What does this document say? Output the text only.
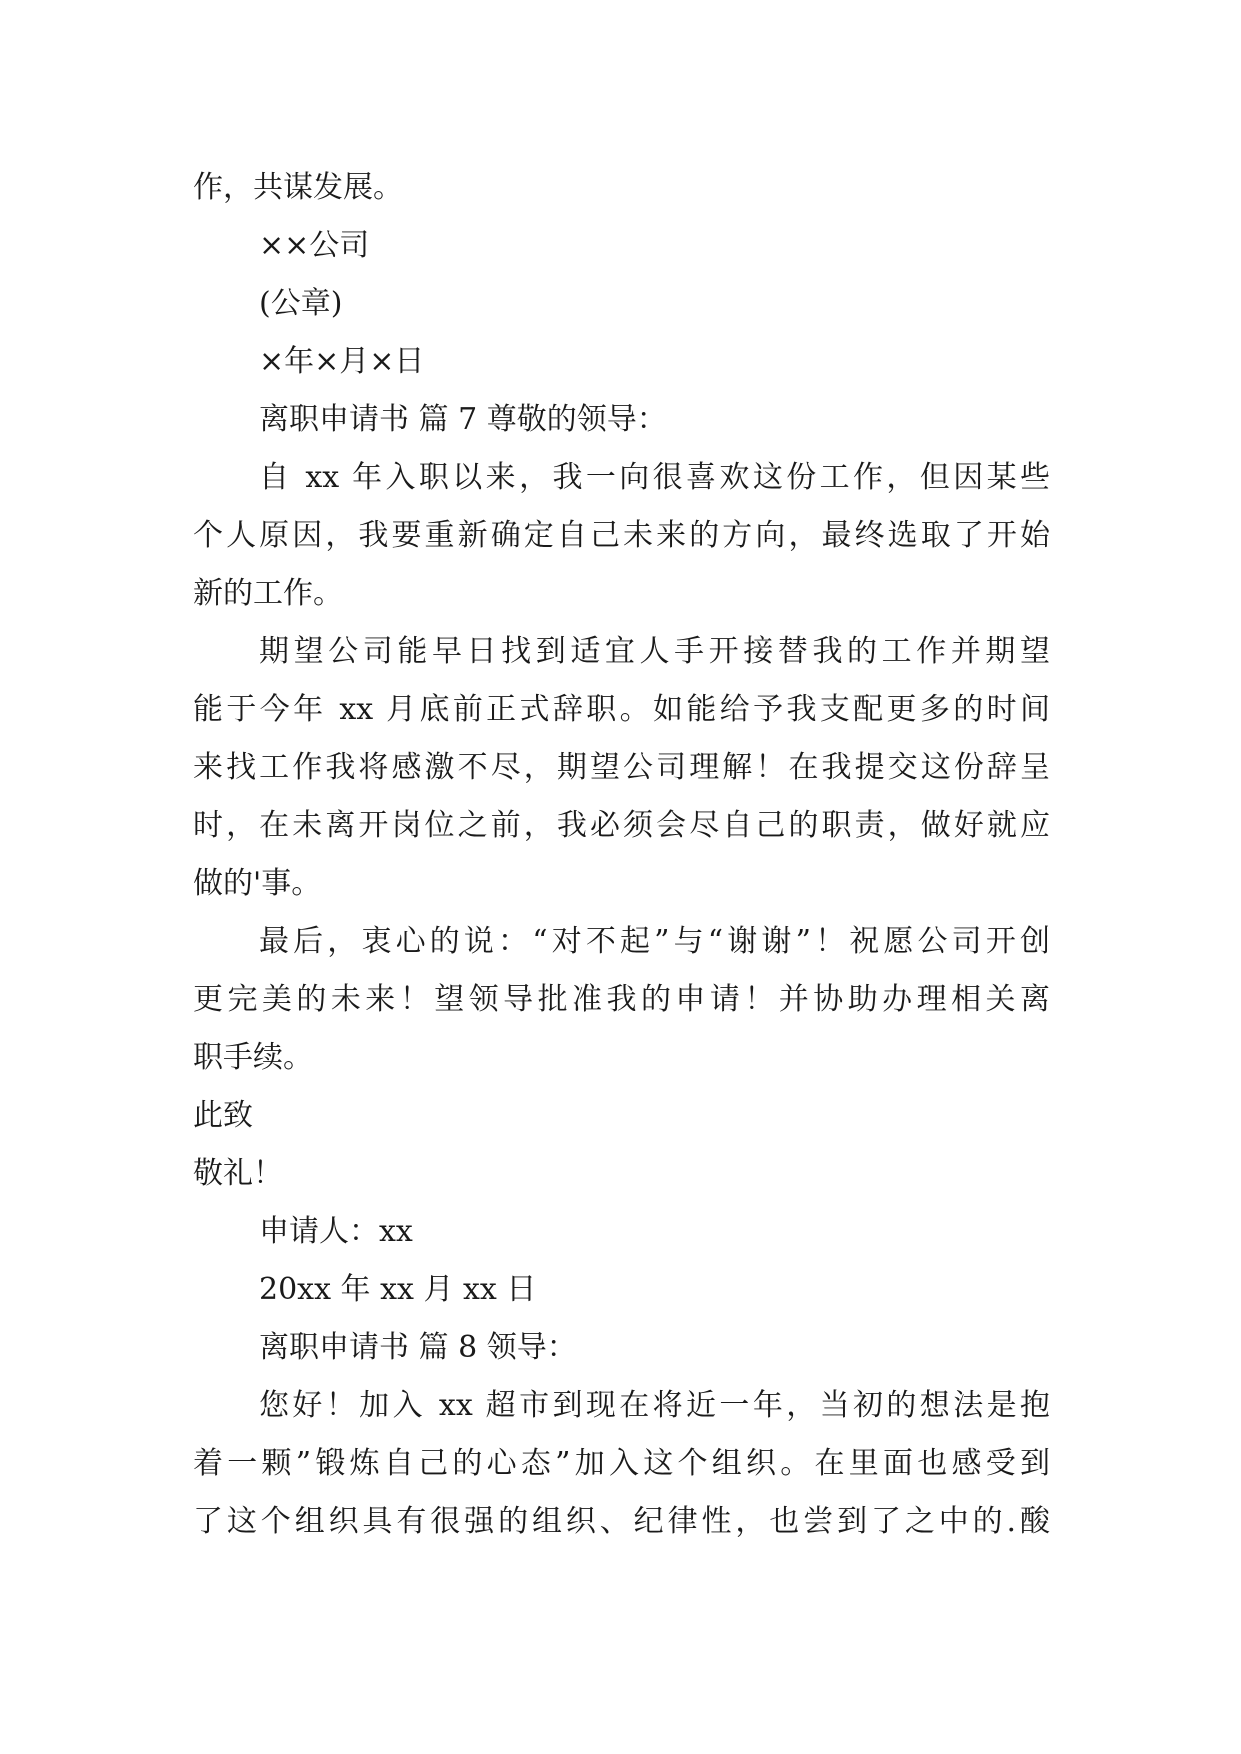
作，共谋发展。

××公司

(公章)

×年×月×日

离职申请书 篇 7 尊敬的领导：

自 xx 年入职以来，我一向很喜欢这份工作，但因某些

个人原因，我要重新确定自己未来的方向，最终选取了开始

新的工作。

期望公司能早日找到适宜人手开接替我的工作并期望

能于今年 xx 月底前正式辞职。如能给予我支配更多的时间

来找工作我将感激不尽，期望公司理解！在我提交这份辞呈

时，在未离开岗位之前，我必须会尽自己的职责，做好就应

做的'事。

最后，衷心的说：“对不起”与“谢谢”！祝愿公司开创

更完美的未来！望领导批准我的申请！并协助办理相关离

职手续。

此致

敬礼！

申请人：xx

20xx 年 xx 月 xx 日

离职申请书 篇 8 领导：

您好！加入 xx 超市到现在将近一年，当初的想法是抱

着一颗”锻炼自己的心态”加入这个组织。在里面也感受到

了这个组织具有很强的组织、纪律性，也尝到了之中的.酸
